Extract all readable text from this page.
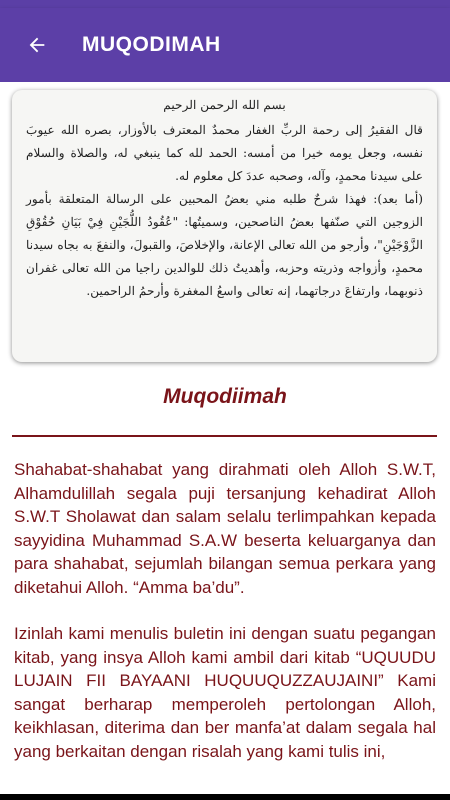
MUQODIMAH
بسم الله الرحمن الرحيم

قال الفقيرُ إلى رحمة الربِّ الغفار محمدٌ المعترف بالأوزار، بصره الله عيوبَ نفسه، وجعل يومه خيرا من أمسه: الحمد لله كما ينبغي له، والصلاة والسلام على سيدنا محمدٍ، وآله، وصحبه عددَ كل معلوم له.

(أما بعد): فهذا شرحٌ طلبه مني بعضُ المحبين على الرسالة المتعلقة بأمور الزوجين التي صنّفها بعضُ الناصحين، وسميتُها: "عُقُودُ اللُّجَيْنِ فِيْ بَيَانِ حُقُوْقِ الزَّوْجَيْنِ"، وأرجو من الله تعالى الإعانة، والإخلاصَ، والقبولَ، والنفعَ به بجاه سيدنا محمدٍ، وأزواجه وذريته وحزبه، وأهديتُ ذلك للوالدين راجيا من الله تعالى غفران ذنوبهما، وارتفاعَ درجاتهما، إنه تعالى واسعُ المغفرة وأرحمُ الراحمين.

Muqodiimah

Shahabat-shahabat yang dirahmati oleh Alloh S.W.T, Alhamdulillah segala puji tersanjung kehadirat Alloh S.W.T Sholawat dan salam selalu terlimpahkan kepada sayyidina Muhammad S.A.W beserta keluarganya dan para shahabat, sejumlah bilangan semua perkara yang diketahui Alloh. “Amma ba’du”.

Izinlah kami menulis buletin ini dengan suatu pegangan kitab, yang insya Alloh kami ambil dari kitab “UQUUDU LUJAIN FII BAYAANI HUQUUQUZZAUJAINI” Kami sangat berharap memperoleh pertolongan Alloh, keikhlasan, diterima dan ber manfa’at dalam segala hal yang berkaitan dengan risalah yang kami tulis ini,
